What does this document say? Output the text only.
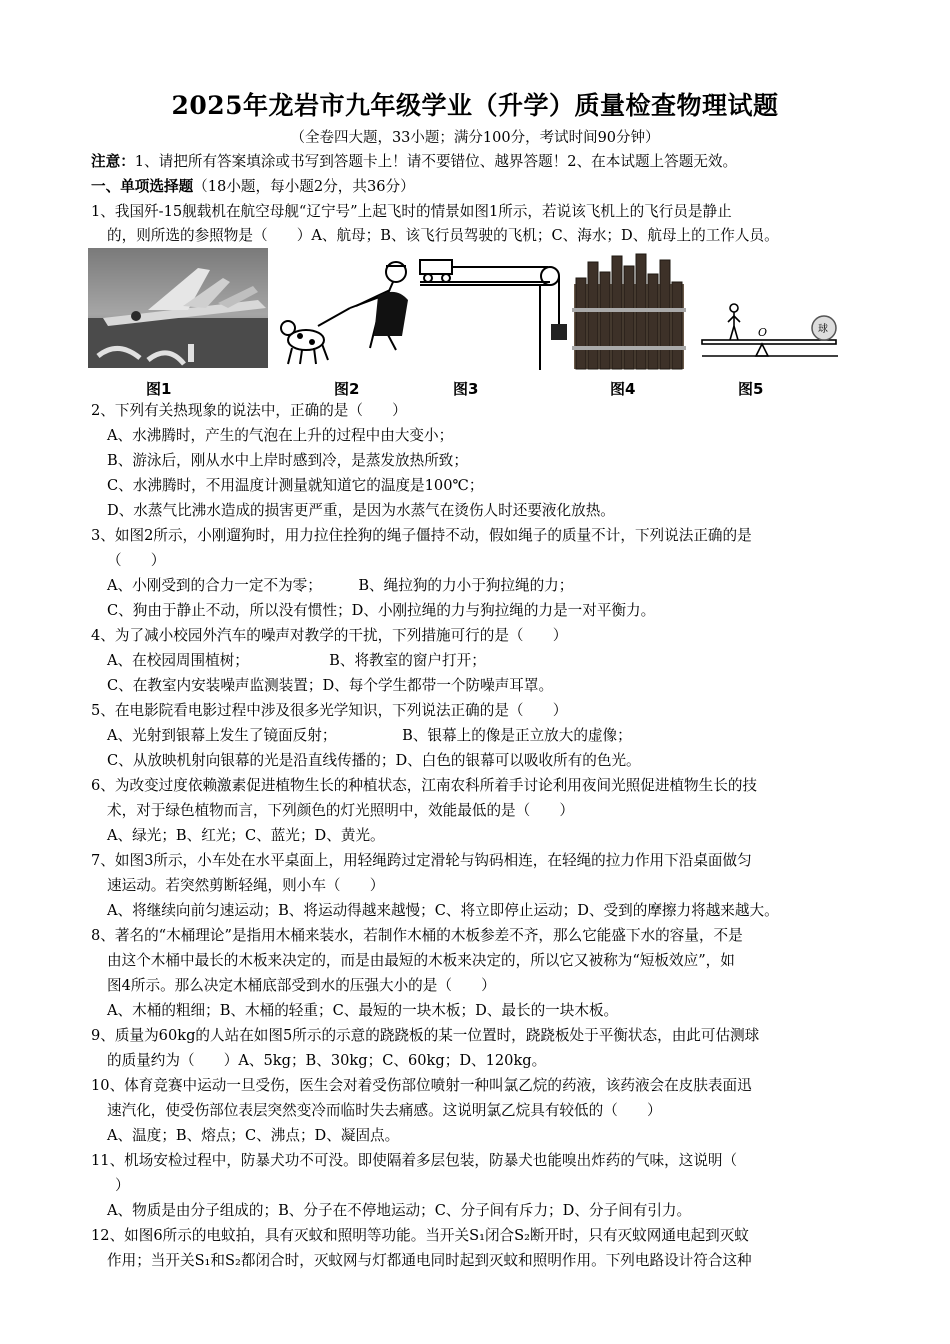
2025年龙岩市九年级学业（升学）质量检查物理试题
（全卷四大题，33小题；满分100分，考试时间90分钟）
注意：1、请把所有答案填涂或书写到答题卡上！请不要错位、越界答题！2、在本试题上答题无效。
一、单项选择题（18小题，每小题2分，共36分）
1、我国歼-15舰载机在航空母舰“辽宁号”上起飞时的情景如图1所示，若说该飞机上的飞行员是静止
的，则所选的参照物是（　　）A、航母；B、该飞行员驾驶的飞机；C、海水；D、航母上的工作人员。
O	球
图1	图2	图3	图4	图5
2、下列有关热现象的说法中，正确的是（　　）
A、水沸腾时，产生的气泡在上升的过程中由大变小；
B、游泳后，刚从水中上岸时感到冷，是蒸发放热所致；
C、水沸腾时，不用温度计测量就知道它的温度是100℃；
D、水蒸气比沸水造成的损害更严重，是因为水蒸气在烫伤人时还要液化放热。
3、如图2所示，小刚遛狗时，用力拉住拴狗的绳子僵持不动，假如绳子的质量不计，下列说法正确的是
（　　）
A、小刚受到的合力一定不为零；　　　B、绳拉狗的力小于狗拉绳的力；
C、狗由于静止不动，所以没有惯性；D、小刚拉绳的力与狗拉绳的力是一对平衡力。
4、为了减小校园外汽车的噪声对教学的干扰，下列措施可行的是（　　）
A、在校园周围植树；　　　　　　B、将教室的窗户打开；
C、在教室内安装噪声监测装置；D、每个学生都带一个防噪声耳罩。
5、在电影院看电影过程中涉及很多光学知识，下列说法正确的是（　　）
A、光射到银幕上发生了镜面反射；　　　　　B、银幕上的像是正立放大的虚像；
C、从放映机射向银幕的光是沿直线传播的；D、白色的银幕可以吸收所有的色光。
6、为改变过度依赖激素促进植物生长的种植状态，江南农科所着手讨论利用夜间光照促进植物生长的技
术，对于绿色植物而言，下列颜色的灯光照明中，效能最低的是（　　）
A、绿光；B、红光；C、蓝光；D、黄光。
7、如图3所示，小车处在水平桌面上，用轻绳跨过定滑轮与钩码相连，在轻绳的拉力作用下沿桌面做匀
速运动。若突然剪断轻绳，则小车（　　）
A、将继续向前匀速运动；B、将运动得越来越慢；C、将立即停止运动；D、受到的摩擦力将越来越大。
8、著名的“木桶理论”是指用木桶来装水，若制作木桶的木板参差不齐，那么它能盛下水的容量，不是
由这个木桶中最长的木板来决定的，而是由最短的木板来决定的，所以它又被称为“短板效应”，如
图4所示。那么决定木桶底部受到水的压强大小的是（　　）
A、木桶的粗细；B、木桶的轻重；C、最短的一块木板；D、最长的一块木板。
9、质量为60kg的人站在如图5所示的示意的跷跷板的某一位置时，跷跷板处于平衡状态，由此可估测球
的质量约为（　　）A、5kg；B、30kg；C、60kg；D、120kg。
10、体育竞赛中运动一旦受伤，医生会对着受伤部位喷射一种叫氯乙烷的药液，该药液会在皮肤表面迅
速汽化，使受伤部位表层突然变冷而临时失去痛感。这说明氯乙烷具有较低的（　　）
A、温度；B、熔点；C、沸点；D、凝固点。
11、机场安检过程中，防暴犬功不可没。即使隔着多层包装，防暴犬也能嗅出炸药的气味，这说明（
）
A、物质是由分子组成的；B、分子在不停地运动；C、分子间有斥力；D、分子间有引力。
12、如图6所示的电蚊拍，具有灭蚊和照明等功能。当开关S₁闭合S₂断开时，只有灭蚊网通电起到灭蚊
作用；当开关S₁和S₂都闭合时，灭蚊网与灯都通电同时起到灭蚊和照明作用。下列电路设计符合这种
